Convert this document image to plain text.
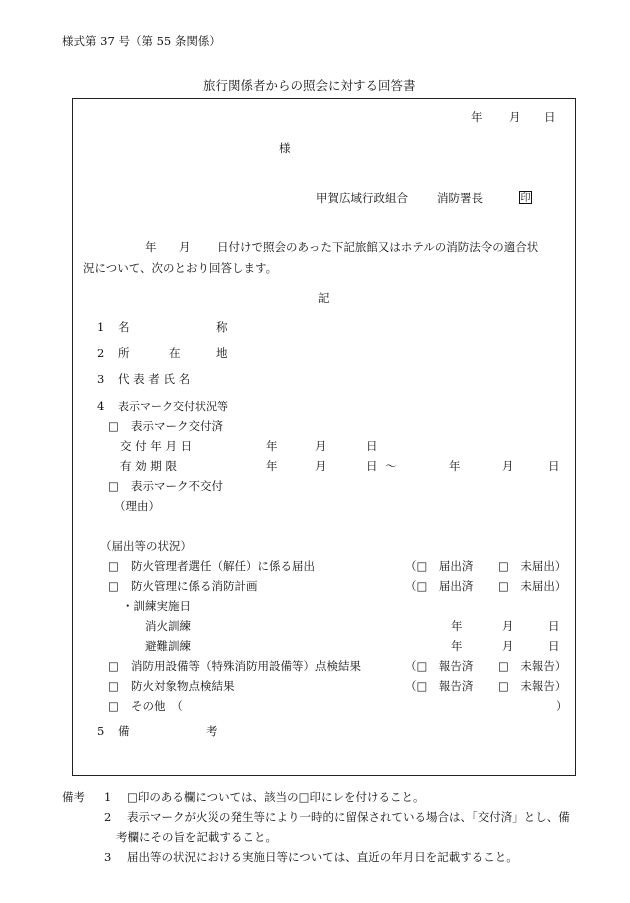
様式第 37 号（第 55 条関係）
旅行関係者からの照会に対する回答書
年 月 日
様
甲賀広域行政組合	消防署長	印
年 月 日付けで照会のあった下記旅館又はホテルの消防法令の適合状
況について、次のとおり回答します。
記
1 名	称
2 所	在	地
3 代 表 者 氏 名
4 表示マーク交付状況等
□ 表示マーク交付済
交 付 年 月 日	年	月	日
有 効 期 限	年	月	日 ～	年	月	日
□ 表示マーク不交付
（理由）
（届出等の状況）
□ 防火管理者選任（解任）に係る届出	（□　届出済 □　未届出）
□ 防火管理に係る消防計画	（□　届出済 □　未届出）
・訓練実施日
消火訓練	年	月	日
避難訓練	年	月	日
□ 消防用設備等（特殊消防用設備等）点検結果	（□　報告済 □　未報告）
□ 防火対象物点検結果	（□　報告済 □　未報告）
□ その他　（	）
5 備	考
備考 1 □印のある欄については、該当の□印にレを付けること。
2 表示マークが火災の発生等により一時的に留保されている場合は、「交付済」とし、備
考欄にその旨を記載すること。
3 届出等の状況における実施日等については、直近の年月日を記載すること。
